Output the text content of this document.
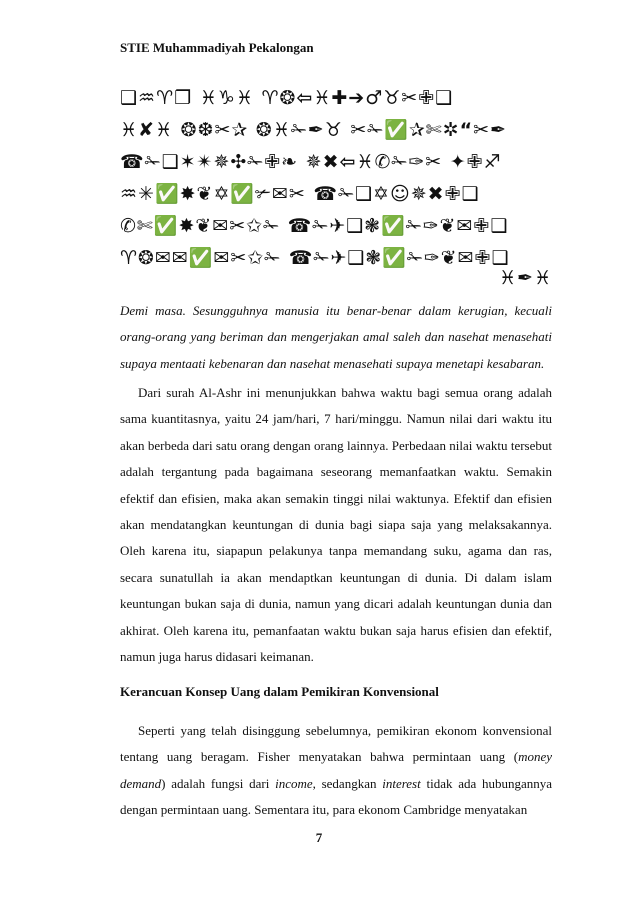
STIE Muhammadiyah Pekalongan
❑♒♈❐ ♓♑♓ ♈❂⇦♓✚➔♂♉✂✙❑
♓✘♓ ❂❆✂✰ ❂♓✁✒♉ ✂✁✅✰✄✲“✂✒
☎✁❑✶✴✵✣✁✙❧ ✵✖⇦♓✆✁✑✂ ✦✙♐
♒✳✅✸❦✡✅✃✉✂ ☎✁❑✡☺✵✖✙❑
✆✄✅✸❦✉✂✩✁ ☎✁✈❑❃✅✁✑❦✉✙❑
♈❂✉✉✅✉✂✩✁ ☎✁✈❑❃✅✁✑❦✉✙❑
♓✒♓
Demi masa. Sesungguhnya manusia itu benar-benar dalam kerugian, kecuali orang-orang yang beriman dan mengerjakan amal saleh dan nasehat menasehati supaya mentaati kebenaran dan nasehat menasehati supaya menetapi kesabaran.
Dari surah Al-Ashr ini menunjukkan bahwa waktu bagi semua orang adalah sama kuantitasnya, yaitu 24 jam/hari, 7 hari/minggu. Namun nilai dari waktu itu akan berbeda dari satu orang dengan orang lainnya. Perbedaan nilai waktu tersebut adalah tergantung pada bagaimana seseorang memanfaatkan waktu. Semakin efektif dan efisien, maka akan semakin tinggi nilai waktunya. Efektif dan efisien akan mendatangkan keuntungan di dunia bagi siapa saja yang melaksakannya. Oleh karena itu, siapapun pelakunya tanpa memandang suku, agama dan ras, secara sunatullah ia akan mendaptkan keuntungan di dunia. Di dalam islam keuntungan bukan saja di dunia, namun yang dicari adalah keuntungan dunia dan akhirat. Oleh karena itu, pemanfaatan waktu bukan saja harus efisien dan efektif, namun juga harus didasari keimanan.
Kerancuan Konsep Uang dalam Pemikiran Konvensional
Seperti yang telah disinggung sebelumnya, pemikiran ekonom konvensional tentang uang beragam. Fisher menyatakan bahwa permintaan uang (money demand) adalah fungsi dari income, sedangkan interest tidak ada hubungannya dengan permintaan uang. Sementara itu, para ekonom Cambridge menyatakan
7
